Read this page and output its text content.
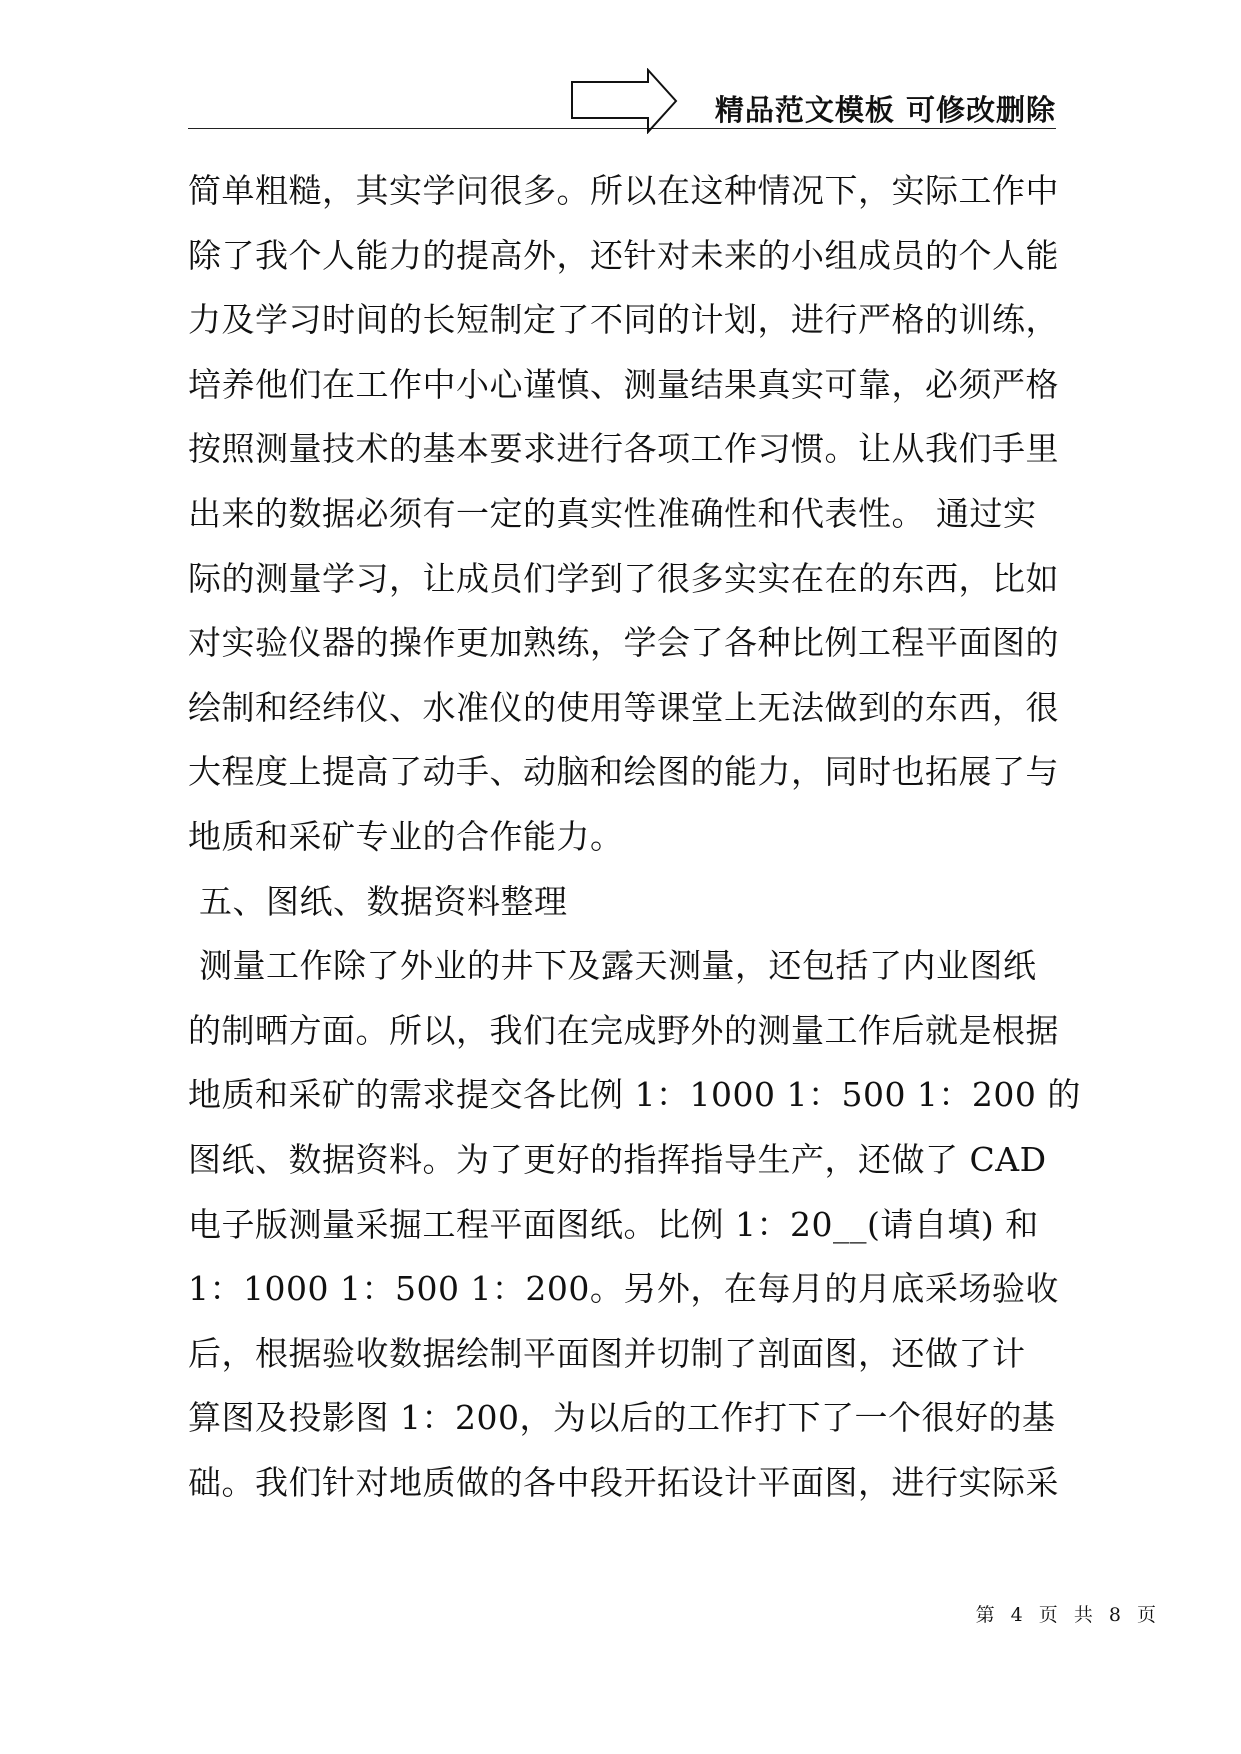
精品范文模板 可修改删除
简单粗糙，其实学问很多。所以在这种情况下，实际工作中
除了我个人能力的提高外，还针对未来的小组成员的个人能
力及学习时间的长短制定了不同的计划，进行严格的训练，
培养他们在工作中小心谨慎、测量结果真实可靠，必须严格
按照测量技术的基本要求进行各项工作习惯。让从我们手里
出来的数据必须有一定的真实性准确性和代表性。 通过实
际的测量学习，让成员们学到了很多实实在在的东西，比如
对实验仪器的操作更加熟练，学会了各种比例工程平面图的
绘制和经纬仪、水准仪的使用等课堂上无法做到的东西，很
大程度上提高了动手、动脑和绘图的能力，同时也拓展了与
地质和采矿专业的合作能力。
五、图纸、数据资料整理
测量工作除了外业的井下及露天测量，还包括了内业图纸
的制晒方面。所以，我们在完成野外的测量工作后就是根据
地质和采矿的需求提交各比例 1：1000 1：500 1：200 的
图纸、数据资料。为了更好的指挥指导生产，还做了 CAD
电子版测量采掘工程平面图纸。比例 1：20__(请自填) 和
1：1000 1：500 1：200。另外，在每月的月底采场验收
后，根据验收数据绘制平面图并切制了剖面图，还做了计
算图及投影图 1：200，为以后的工作打下了一个很好的基
础。我们针对地质做的各中段开拓设计平面图，进行实际采
第 4 页 共 8 页
